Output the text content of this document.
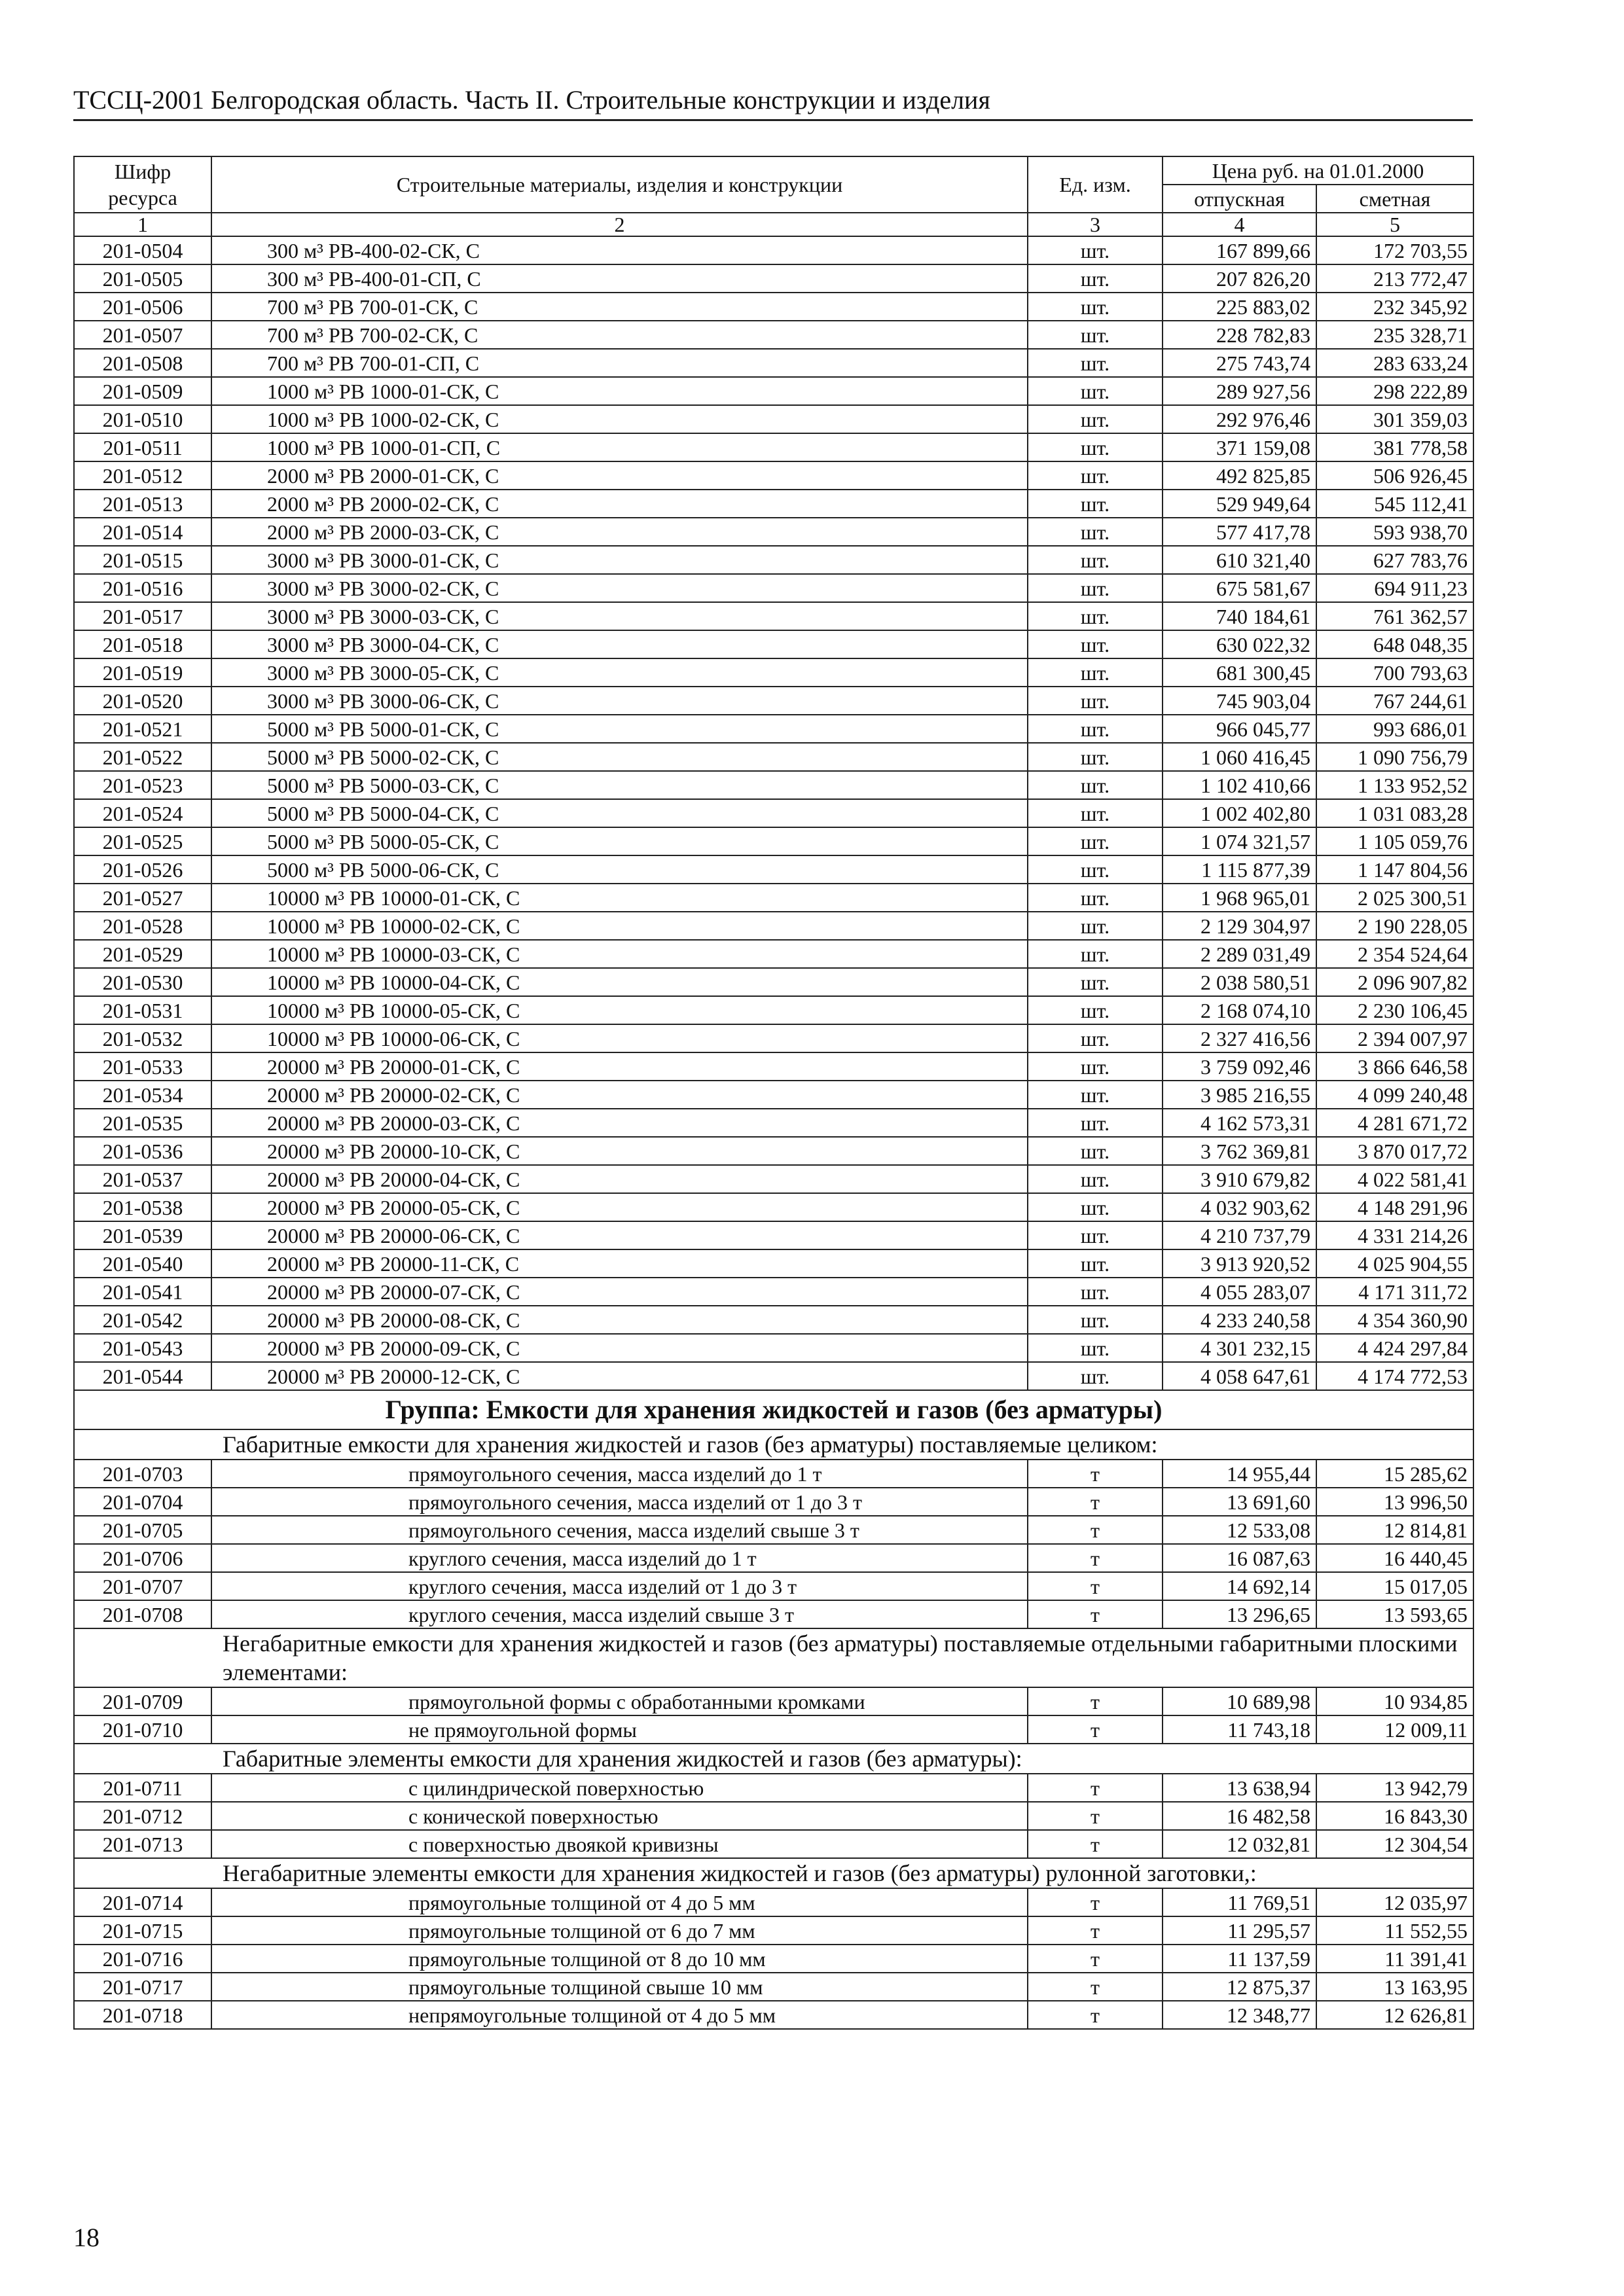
ТССЦ-2001 Белгородская область. Часть II. Строительные конструкции и изделия
Шифр ресурса	Строительные материалы, изделия и конструкции	Ед. изм.	Цена руб. на 01.01.2000	
			отпускная	сметная
1	2	3	4	5
201-0504	300 м³ РВ-400-02-СК, С	шт.	167 899,66	172 703,55
201-0505	300 м³ РВ-400-01-СП, С	шт.	207 826,20	213 772,47
201-0506	700 м³ РВ 700-01-СК, С	шт.	225 883,02	232 345,92
201-0507	700 м³ РВ 700-02-СК, С	шт.	228 782,83	235 328,71
201-0508	700 м³ РВ 700-01-СП, С	шт.	275 743,74	283 633,24
201-0509	1000 м³ РВ 1000-01-СК, С	шт.	289 927,56	298 222,89
201-0510	1000 м³ РВ 1000-02-СК, С	шт.	292 976,46	301 359,03
201-0511	1000 м³ РВ 1000-01-СП, С	шт.	371 159,08	381 778,58
201-0512	2000 м³ РВ 2000-01-СК, С	шт.	492 825,85	506 926,45
201-0513	2000 м³ РВ 2000-02-СК, С	шт.	529 949,64	545 112,41
201-0514	2000 м³ РВ 2000-03-СК, С	шт.	577 417,78	593 938,70
201-0515	3000 м³ РВ 3000-01-СК, С	шт.	610 321,40	627 783,76
201-0516	3000 м³ РВ 3000-02-СК, С	шт.	675 581,67	694 911,23
201-0517	3000 м³ РВ 3000-03-СК, С	шт.	740 184,61	761 362,57
201-0518	3000 м³ РВ 3000-04-СК, С	шт.	630 022,32	648 048,35
201-0519	3000 м³ РВ 3000-05-СК, С	шт.	681 300,45	700 793,63
201-0520	3000 м³ РВ 3000-06-СК, С	шт.	745 903,04	767 244,61
201-0521	5000 м³ РВ 5000-01-СК, С	шт.	966 045,77	993 686,01
201-0522	5000 м³ РВ 5000-02-СК, С	шт.	1 060 416,45	1 090 756,79
201-0523	5000 м³ РВ 5000-03-СК, С	шт.	1 102 410,66	1 133 952,52
201-0524	5000 м³ РВ 5000-04-СК, С	шт.	1 002 402,80	1 031 083,28
201-0525	5000 м³ РВ 5000-05-СК, С	шт.	1 074 321,57	1 105 059,76
201-0526	5000 м³ РВ 5000-06-СК, С	шт.	1 115 877,39	1 147 804,56
201-0527	10000 м³ РВ 10000-01-СК, С	шт.	1 968 965,01	2 025 300,51
201-0528	10000 м³ РВ 10000-02-СК, С	шт.	2 129 304,97	2 190 228,05
201-0529	10000 м³ РВ 10000-03-СК, С	шт.	2 289 031,49	2 354 524,64
201-0530	10000 м³ РВ 10000-04-СК, С	шт.	2 038 580,51	2 096 907,82
201-0531	10000 м³ РВ 10000-05-СК, С	шт.	2 168 074,10	2 230 106,45
201-0532	10000 м³ РВ 10000-06-СК, С	шт.	2 327 416,56	2 394 007,97
201-0533	20000 м³ РВ 20000-01-СК, С	шт.	3 759 092,46	3 866 646,58
201-0534	20000 м³ РВ 20000-02-СК, С	шт.	3 985 216,55	4 099 240,48
201-0535	20000 м³ РВ 20000-03-СК, С	шт.	4 162 573,31	4 281 671,72
201-0536	20000 м³ РВ 20000-10-СК, С	шт.	3 762 369,81	3 870 017,72
201-0537	20000 м³ РВ 20000-04-СК, С	шт.	3 910 679,82	4 022 581,41
201-0538	20000 м³ РВ 20000-05-СК, С	шт.	4 032 903,62	4 148 291,96
201-0539	20000 м³ РВ 20000-06-СК, С	шт.	4 210 737,79	4 331 214,26
201-0540	20000 м³ РВ 20000-11-СК, С	шт.	3 913 920,52	4 025 904,55
201-0541	20000 м³ РВ 20000-07-СК, С	шт.	4 055 283,07	4 171 311,72
201-0542	20000 м³ РВ 20000-08-СК, С	шт.	4 233 240,58	4 354 360,90
201-0543	20000 м³ РВ 20000-09-СК, С	шт.	4 301 232,15	4 424 297,84
201-0544	20000 м³ РВ 20000-12-СК, С	шт.	4 058 647,61	4 174 772,53
Группа: Емкости для хранения жидкостей и газов (без арматуры)				
Габаритные емкости для хранения жидкостей и газов (без арматуры) поставляемые целиком:				
201-0703	прямоугольного сечения, масса изделий до 1 т	т	14 955,44	15 285,62
201-0704	прямоугольного сечения, масса изделий от 1 до 3 т	т	13 691,60	13 996,50
201-0705	прямоугольного сечения, масса изделий свыше 3 т	т	12 533,08	12 814,81
201-0706	круглого сечения, масса изделий до 1 т	т	16 087,63	16 440,45
201-0707	круглого сечения, масса изделий от 1 до 3 т	т	14 692,14	15 017,05
201-0708	круглого сечения, масса изделий свыше 3 т	т	13 296,65	13 593,65
Негабаритные емкости для хранения жидкостей и газов (без арматуры) поставляемые отдельными габаритными плоскими элементами:				
201-0709	прямоугольной формы с обработанными кромками	т	10 689,98	10 934,85
201-0710	не прямоугольной формы	т	11 743,18	12 009,11
Габаритные элементы емкости для хранения жидкостей и газов (без арматуры):				
201-0711	с цилиндрической поверхностью	т	13 638,94	13 942,79
201-0712	с конической поверхностью	т	16 482,58	16 843,30
201-0713	с поверхностью двоякой кривизны	т	12 032,81	12 304,54
Негабаритные элементы емкости для хранения жидкостей и газов (без арматуры) рулонной заготовки,:				
201-0714	прямоугольные толщиной от 4 до 5 мм	т	11 769,51	12 035,97
201-0715	прямоугольные толщиной от 6 до 7 мм	т	11 295,57	11 552,55
201-0716	прямоугольные толщиной от 8 до 10 мм	т	11 137,59	11 391,41
201-0717	прямоугольные толщиной свыше 10 мм	т	12 875,37	13 163,95
201-0718	непрямоугольные толщиной от 4 до 5 мм	т	12 348,77	12 626,81
18
